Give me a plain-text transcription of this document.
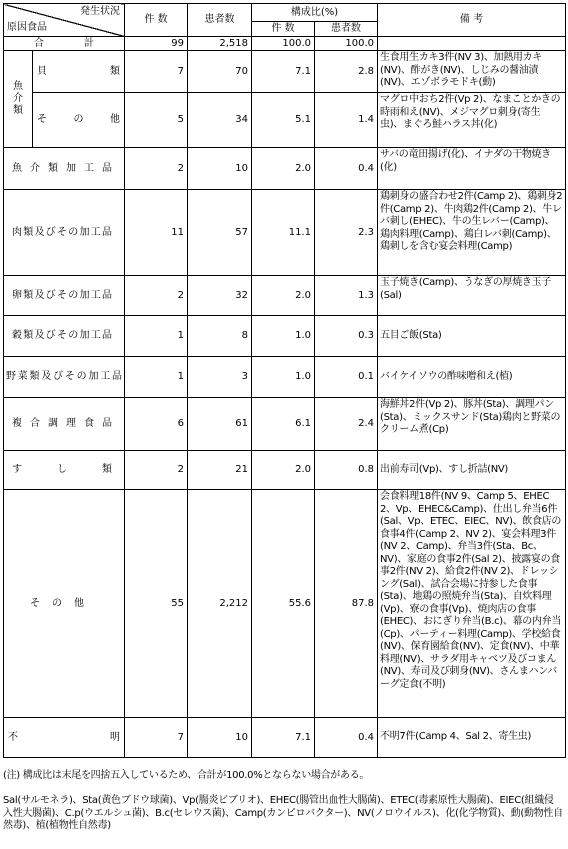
発生状況
原因食品		件 数	患者数	構成比(%)		備 考
				件 数	患者数	
合 計		99	2,518	100.0	100.0	

魚介類	貝 類	7	70	7.1	2.8	生食用生カキ3件(NV 3)、加熱用カキ(NV)、酢がき(NV)、しじみの醤油漬(NV)、エゾボラモドキ(動)
	そ の 他	5	34	5.1	1.4	マグロ中おち2件(Vp 2)、なまことかきの時雨和え(NV)、メジマグロ刺身(寄生虫)、まぐろ鮭ハラス丼(化)
魚 介 類 加 工 品		2	10	2.0	0.4	サバの竜田揚げ(化)、イナダの干物焼き(化)
肉類及びその加工品		11	57	11.1	2.3	鶏刺身の盛合わせ2件(Camp 2)、鶏刺身2件(Camp 2)、牛肉鶏2件(Camp 2)、牛レバ刺し(EHEC)、牛の生レバー(Camp)、鶏肉料理(Camp)、鶏白レバ刺(Camp)、鶏刺しを含む宴会料理(Camp)
卵類及びその加工品		2	32	2.0	1.3	玉子焼き(Camp)、うなぎの厚焼き玉子(Sal)
穀類及びその加工品		1	8	1.0	0.3	五目ご飯(Sta)
野菜類及びその加工品		1	3	1.0	0.1	バイケイソウの酢味噌和え(植)
複 合 調 理 食 品		6	61	6.1	2.4	海鮮丼2件(Vp 2)、豚丼(Sta)、調理パン(Sta)、ミックスサンド(Sta)鶏肉と野菜のクリーム煮(Cp)
す し 類		2	21	2.0	0.8	出前寿司(Vp)、すし折詰(NV)

そ の 他		55	2,212	55.6	87.8	会食料理18件(NV 9、Camp 5、EHEC 2、Vp、EHEC&Camp)、仕出し弁当6件(Sal、Vp、ETEC、EIEC、NV)、飲食店の食事4件(Camp 2、NV 2)、宴会料理3件(NV 2、Camp)、弁当3件(Sta、Bc、NV)、家庭の食事2件(Sal 2)、披露宴の食事2件(NV 2)、給食2件(NV 2)、ドレッシング(Sal)、試合会場に持参した食事(Sta)、地鶏の照焼弁当(Sta)、自炊料理(Vp)、寮の食事(Vp)、焼肉店の食事(EHEC)、おにぎり弁当(B.c)、幕の内弁当(Cp)、パーティー料理(Camp)、学校給食(NV)、保育園給食(NV)、定食(NV)、中華料理(NV)、サラダ用キャベツ及びコまん(NV)、寿司及び刺身(NV)、さんまハンバーグ定食(不明)
不 明		7	10	7.1	0.4	不明7件(Camp 4、Sal 2、寄生虫)
(注) 構成比は末尾を四捨五入しているため、合計が100.0%とならない場合がある。
Sal(サルモネラ)、Sta(黄色ブドウ球菌)、Vp(腸炎ビブリオ)、EHEC(腸管出血性大腸菌)、ETEC(毒素原性大腸菌)、EIEC(組織侵入性大腸菌)、C.p(ウエルシュ菌)、B.c(セレウス菌)、Camp(カンピロバクター)、NV(ノロウイルス)、化(化学物質)、動(動物性自然毒)、植(植物性自然毒)
